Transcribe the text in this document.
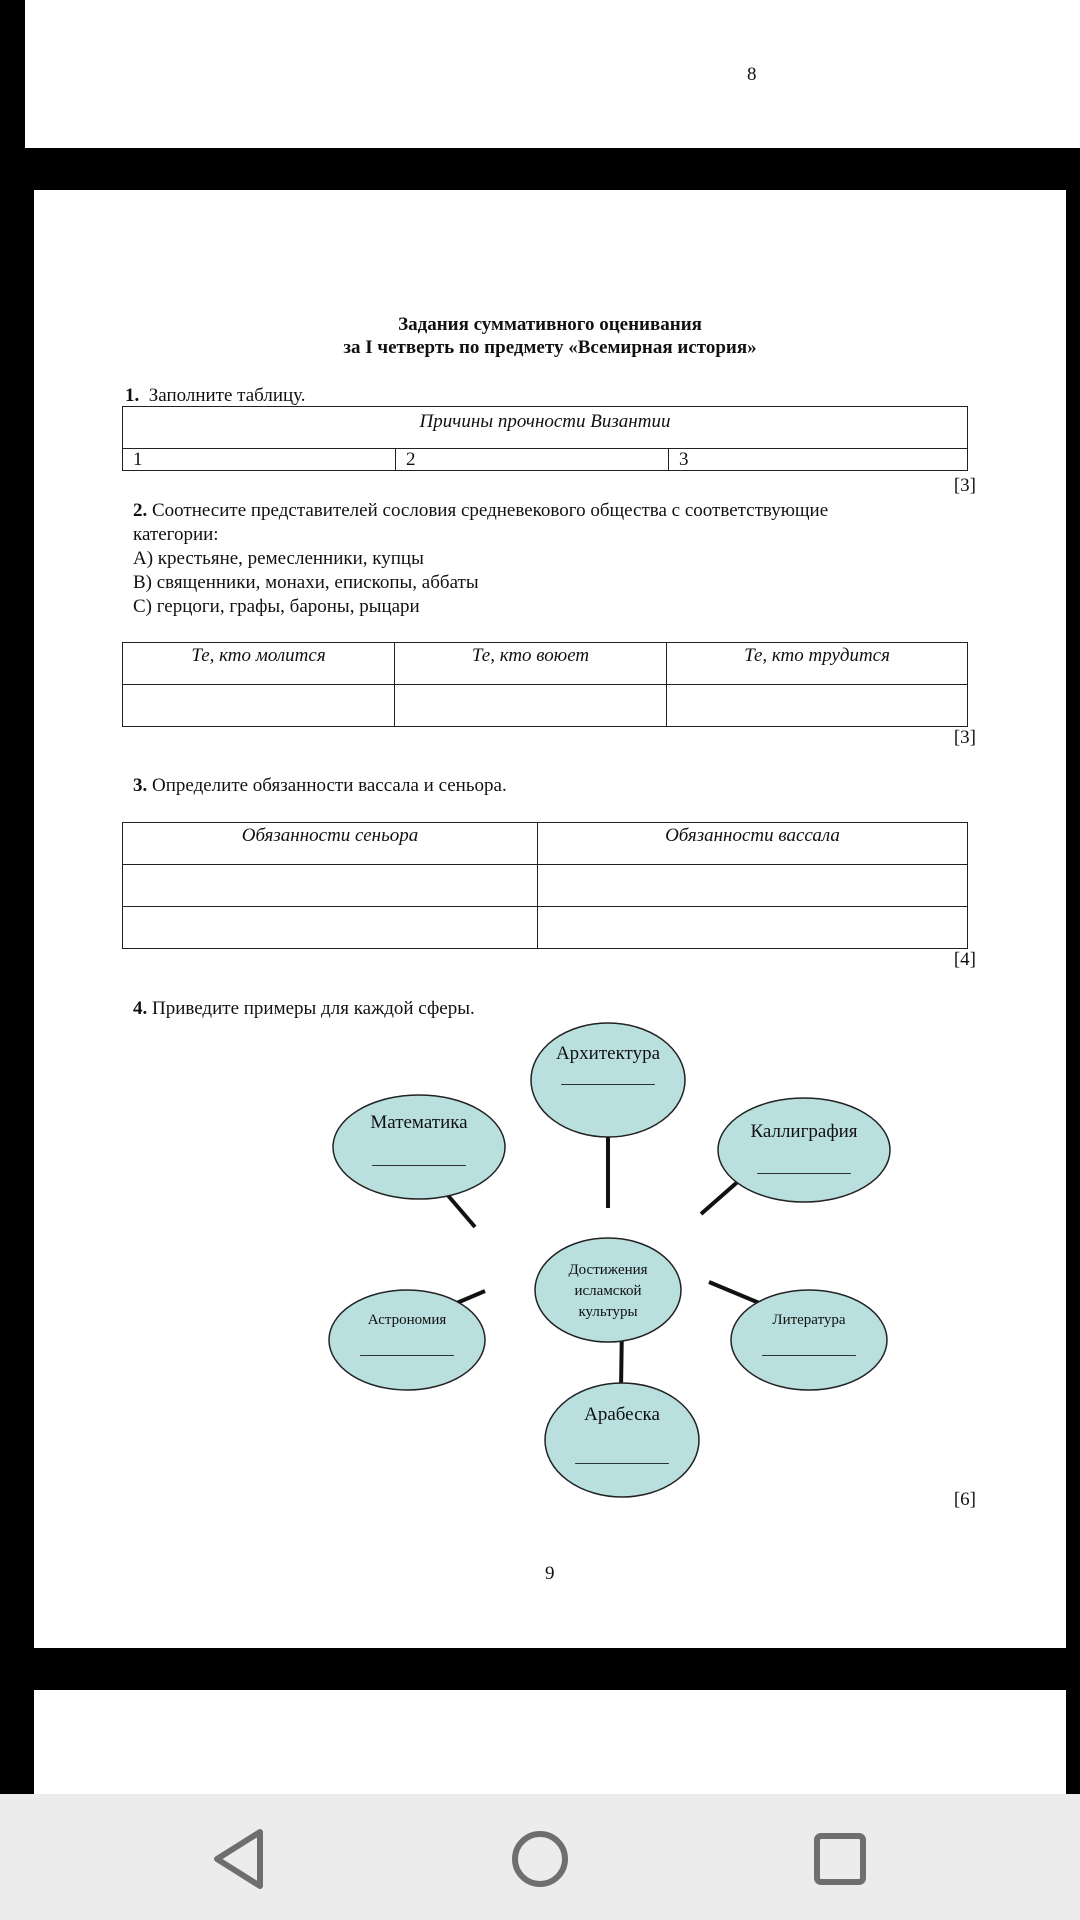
8
Задания суммативного оценивания
за I четверть по предмету «Всемирная история»
1. Заполните таблицу.
Причины прочности Византии
1	2	3
[3]
2. Соотнесите представителей сословия средневекового общества с соответствующие
категории:
А) крестьяне, ремесленники, купцы
В) священники, монахи, епископы, аббаты
С) герцоги, графы, бароны, рыцари
Те, кто молится	Те, кто воюет	Те, кто трудится

[3]
3. Определите обязанности вассала и сеньора.
Обязанности сеньора	Обязанности вассала

[4]
4. Приведите примеры для каждой сферы.
Достижения
исламской
культуры
Архитектура
___________
Математика
___________
Каллиграфия
___________
Астрономия
___________
Литература
___________
Арабеска
___________
[6]
9
